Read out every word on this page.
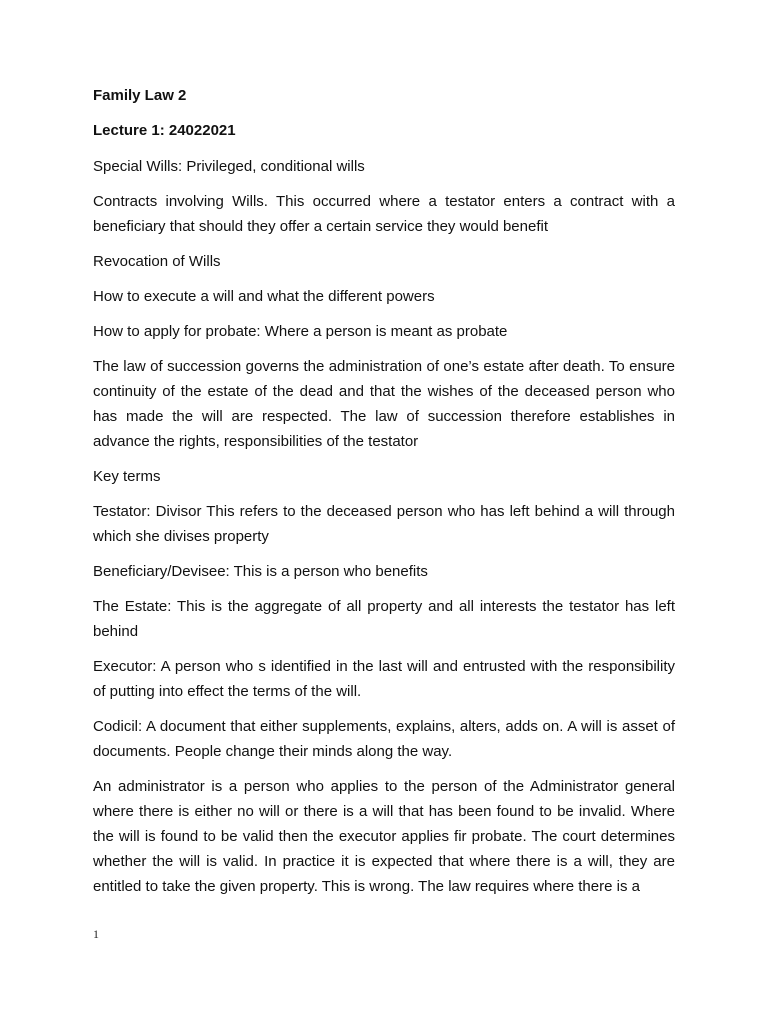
Family Law 2
Lecture 1: 24022021

Special Wills: Privileged, conditional wills

Contracts involving Wills. This occurred where a testator enters a contract with a beneficiary that should they offer a certain service they would benefit

Revocation of Wills

How to execute a will and what the different powers

How to apply for probate: Where a person is meant as probate

The law of succession governs the administration of one’s estate after death. To ensure continuity of the estate of the dead and that the wishes of the deceased person who has made the will are respected. The law of succession therefore establishes in advance the rights, responsibilities of the testator

Key terms

Testator: Divisor This refers to the deceased person who has left behind a will through which she divises property

Beneficiary/Devisee: This is a person who benefits

The Estate: This is the aggregate of all property and all interests the testator has left behind

Executor: A person who s identified in the last will and entrusted with the responsibility of putting into effect the terms of the will.

Codicil: A document that either supplements, explains, alters, adds on. A will is asset of documents. People change their minds along the way.

An administrator is a person who applies to the person of the Administrator general where there is either no will or there is a will that has been found to be invalid. Where the will is found to be valid then the executor applies fir probate. The court determines whether the will is valid. In practice it is expected that where there is a will, they are entitled to take the given property. This is wrong. The law requires where there is a

1
